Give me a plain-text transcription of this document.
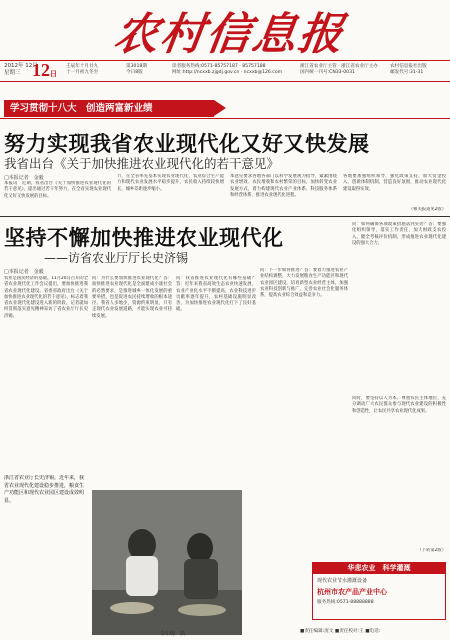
农村信息报
2012年 12月
星期三 12日
壬辰年十月廿九
十一月初九冬至
第3018期
今日8版
读者服务热线:0571-85757187 · 85757188
网址:http://ncxxb.zjgdj.gov.cn · ncxxb@126.com
浙江省农业厅主管 · 浙江省农业厅主办
国内统一刊号:CN33-0031
农村信息报社出版
邮发代号:31-31
学习贯彻十八大　创造两富新业绩
努力实现我省农业现代化又好又快发展
我省出台《关于加快推进农业现代化的若干意见》
□本报记者　金毅
本报讯　近期，我省出台《关于加快推进农业现代化的若干意见》，提出通过若干年努力，在全省实现农业现代化又好又快发展的目标。
力，在全省率先基本实现农业现代化，农业综合生产能力和现代农业发展水平稳步提升，农民收入持续较快增长，城乡差距逐步缩小。
本意见要求各地各部门以科学发展观为指导，紧紧围绕农业增效、农民增收和农村繁荣的目标，加快转变农业发展方式，着力构建现代农业产业体系、科技服务体系和经营体系，推进农业现代化进程。
各地要加强组织领导，强化政策支持，加大资金投入，创新体制机制，营造良好氛围，推动农业现代化建设取得实效。
（相关报道见2版）
坚持不懈加快推进农业现代化
——访省农业厅厅长史济锡
□本报记者　金毅
农业是国民经济的基础。11月20日召开的全省农业现代化工作会议提出，要加快推进我省农业现代化建设。省委省政府出台《关于加快推进农业现代化的若干意见》，标志着我省农业现代化建设进入新的阶段。记者就如何贯彻落实意见精神采访了省农业厅厅长史济锡。
问：为什么要加快推进农业现代化？答：加快推进农业现代化是全面建成小康社会的必然要求，是推进城乡一体化发展的重要举措，也是促进农民持续增收的根本途径。我省人多地少，资源约束明显，只有走现代农业发展道路，才能实现农业可持续发展。
问：我省推进农业现代化有哪些基础？答：近年来我省高效生态农业快速发展，农业产业化水平不断提高，农业科技进步贡献率逐年提升，农村基础设施明显改善，为加快推进农业现代化打下了良好基础。
问：下一步如何推进？答：要着力推进农业产业结构调整，大力发展粮食生产功能区和现代农业园区建设，培育新型农业经营主体，加强农业科技创新与推广，完善农业社会化服务体系，提高农业综合效益和竞争力。
问：如何确保各项政策措施落到实处？答：要强化组织领导，落实工作责任，加大财政支农投入，健全考核评价机制，形成推进农业现代化建设的强大合力。
同时，要坚持以人为本，尊重农民主体地位，充分调动广大农民群众参与现代农业建设的积极性和创造性，让农民共享农业现代化成果。
（下转第2版）
浙江省农业厅长史济锡。近年来，我省农业现代化建设稳步推进，粮食生产功能区和现代农业园区建设成效明显。
朱如杨　摄
华悲农业　科学灌溉
现代农业节水灌溉设备
杭州市农产品产业中心
服务热线:0571-88888888
■责任编辑:庞文 ■责任校对:王 ■电话:
